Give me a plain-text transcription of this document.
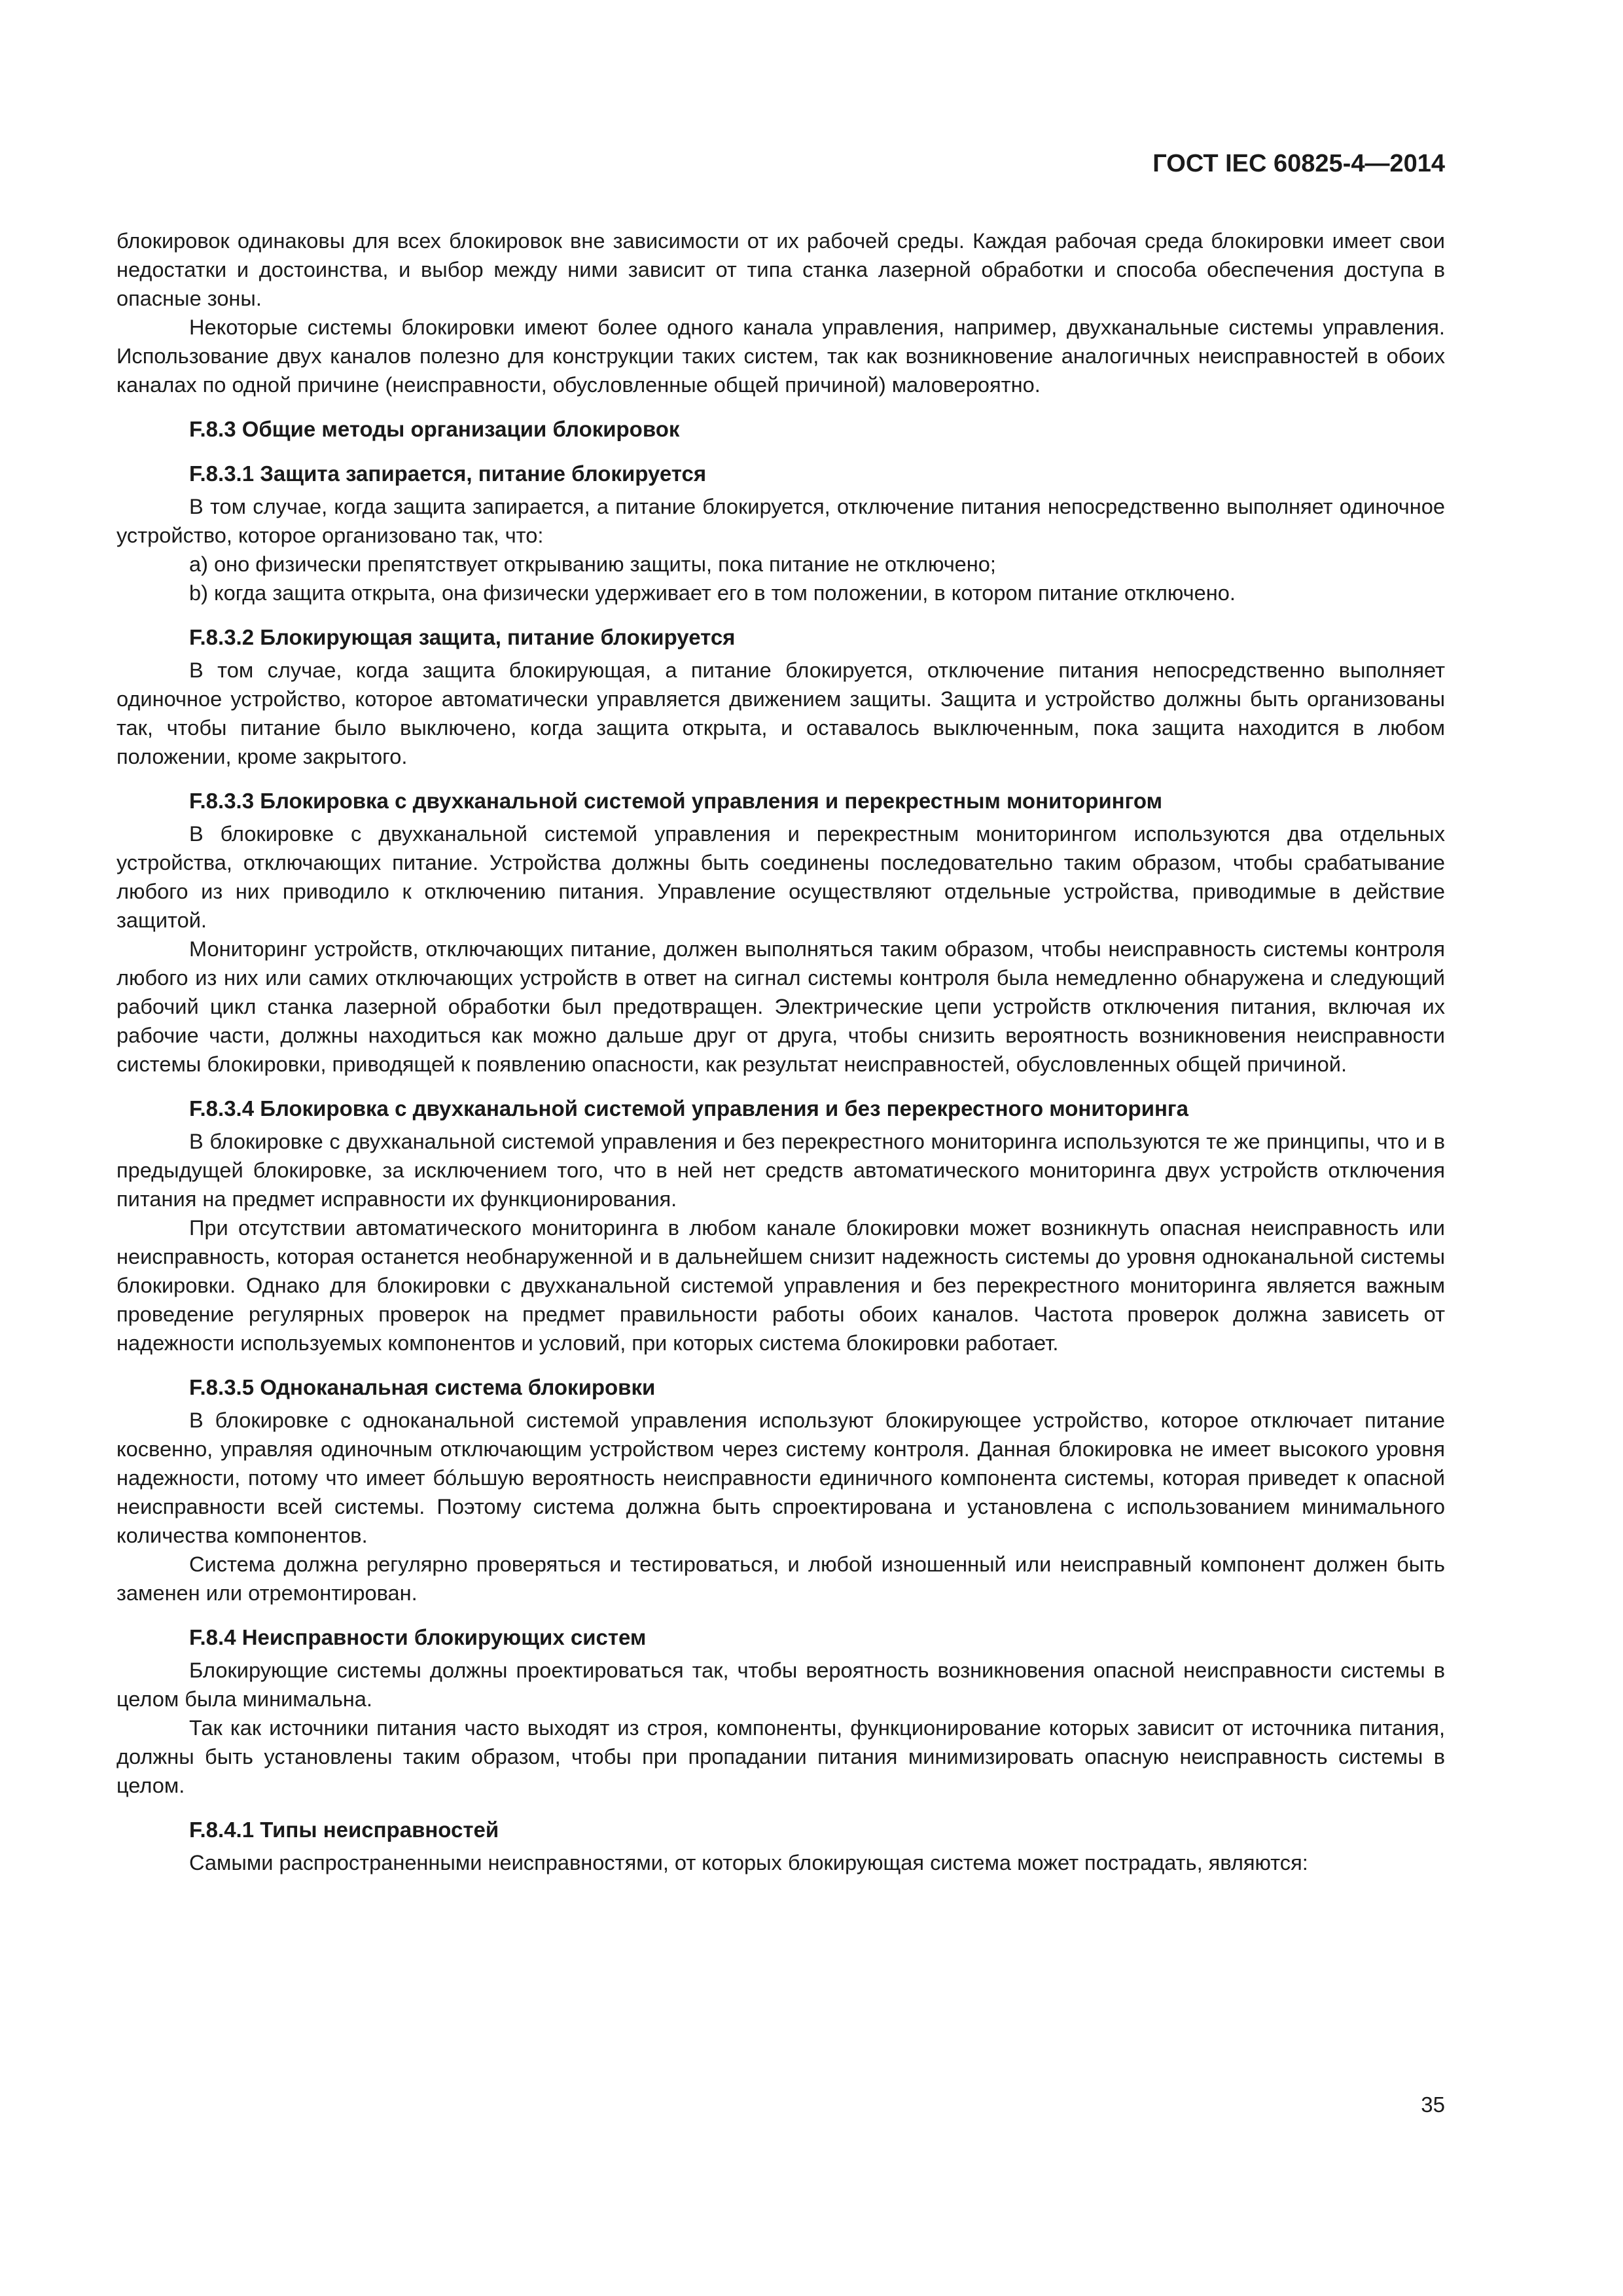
ГОСТ IEC 60825-4—2014

блокировок одинаковы для всех блокировок вне зависимости от их рабочей среды. Каждая рабочая среда блокировки имеет свои недостатки и достоинства, и выбор между ними зависит от типа станка лазерной обработки и способа обеспечения доступа в опасные зоны.

Некоторые системы блокировки имеют более одного канала управления, например, двухканальные системы управления. Использование двух каналов полезно для конструкции таких систем, так как возникновение аналогичных неисправностей в обоих каналах по одной причине (неисправности, обусловленные общей причиной) маловероятно.

F.8.3 Общие методы организации блокировок
F.8.3.1 Защита запирается, питание блокируется

В том случае, когда защита запирается, а питание блокируется, отключение питания непосредственно выполняет одиночное устройство, которое организовано так, что:

a) оно физически препятствует открыванию защиты, пока питание не отключено;

b) когда защита открыта, она физически удерживает его в том положении, в котором питание отключено.

F.8.3.2 Блокирующая защита, питание блокируется

В том случае, когда защита блокирующая, а питание блокируется, отключение питания непосредственно выполняет одиночное устройство, которое автоматически управляется движением защиты. Защита и устройство должны быть организованы так, чтобы питание было выключено, когда защита открыта, и оставалось выключенным, пока защита находится в любом положении, кроме закрытого.

F.8.3.3 Блокировка с двухканальной системой управления и перекрестным мониторингом

В блокировке с двухканальной системой управления и перекрестным мониторингом используются два отдельных устройства, отключающих питание. Устройства должны быть соединены последовательно таким образом, чтобы срабатывание любого из них приводило к отключению питания. Управление осуществляют отдельные устройства, приводимые в действие защитой.

Мониторинг устройств, отключающих питание, должен выполняться таким образом, чтобы неисправность системы контроля любого из них или самих отключающих устройств в ответ на сигнал системы контроля была немедленно обнаружена и следующий рабочий цикл станка лазерной обработки был предотвращен. Электрические цепи устройств отключения питания, включая их рабочие части, должны находиться как можно дальше друг от друга, чтобы снизить вероятность возникновения неисправности системы блокировки, приводящей к появлению опасности, как результат неисправностей, обусловленных общей причиной.

F.8.3.4 Блокировка с двухканальной системой управления и без перекрестного мониторинга

В блокировке с двухканальной системой управления и без перекрестного мониторинга используются те же принципы, что и в предыдущей блокировке, за исключением того, что в ней нет средств автоматического мониторинга двух устройств отключения питания на предмет исправности их функционирования.

При отсутствии автоматического мониторинга в любом канале блокировки может возникнуть опасная неисправность или неисправность, которая останется необнаруженной и в дальнейшем снизит надежность системы до уровня одноканальной системы блокировки. Однако для блокировки с двухканальной системой управления и без перекрестного мониторинга является важным проведение регулярных проверок на предмет правильности работы обоих каналов. Частота проверок должна зависеть от надежности используемых компонентов и условий, при которых система блокировки работает.

F.8.3.5 Одноканальная система блокировки

В блокировке с одноканальной системой управления используют блокирующее устройство, которое отключает питание косвенно, управляя одиночным отключающим устройством через систему контроля. Данная блокировка не имеет высокого уровня надежности, потому что имеет бóльшую вероятность неисправности единичного компонента системы, которая приведет к опасной неисправности всей системы. Поэтому система должна быть спроектирована и установлена с использованием минимального количества компонентов.

Система должна регулярно проверяться и тестироваться, и любой изношенный или неисправный компонент должен быть заменен или отремонтирован.

F.8.4 Неисправности блокирующих систем

Блокирующие системы должны проектироваться так, чтобы вероятность возникновения опасной неисправности системы в целом была минимальна.

Так как источники питания часто выходят из строя, компоненты, функционирование которых зависит от источника питания, должны быть установлены таким образом, чтобы при пропадании питания минимизировать опасную неисправность системы в целом.

F.8.4.1 Типы неисправностей

Самыми распространенными неисправностями, от которых блокирующая система может пострадать, являются:

35
